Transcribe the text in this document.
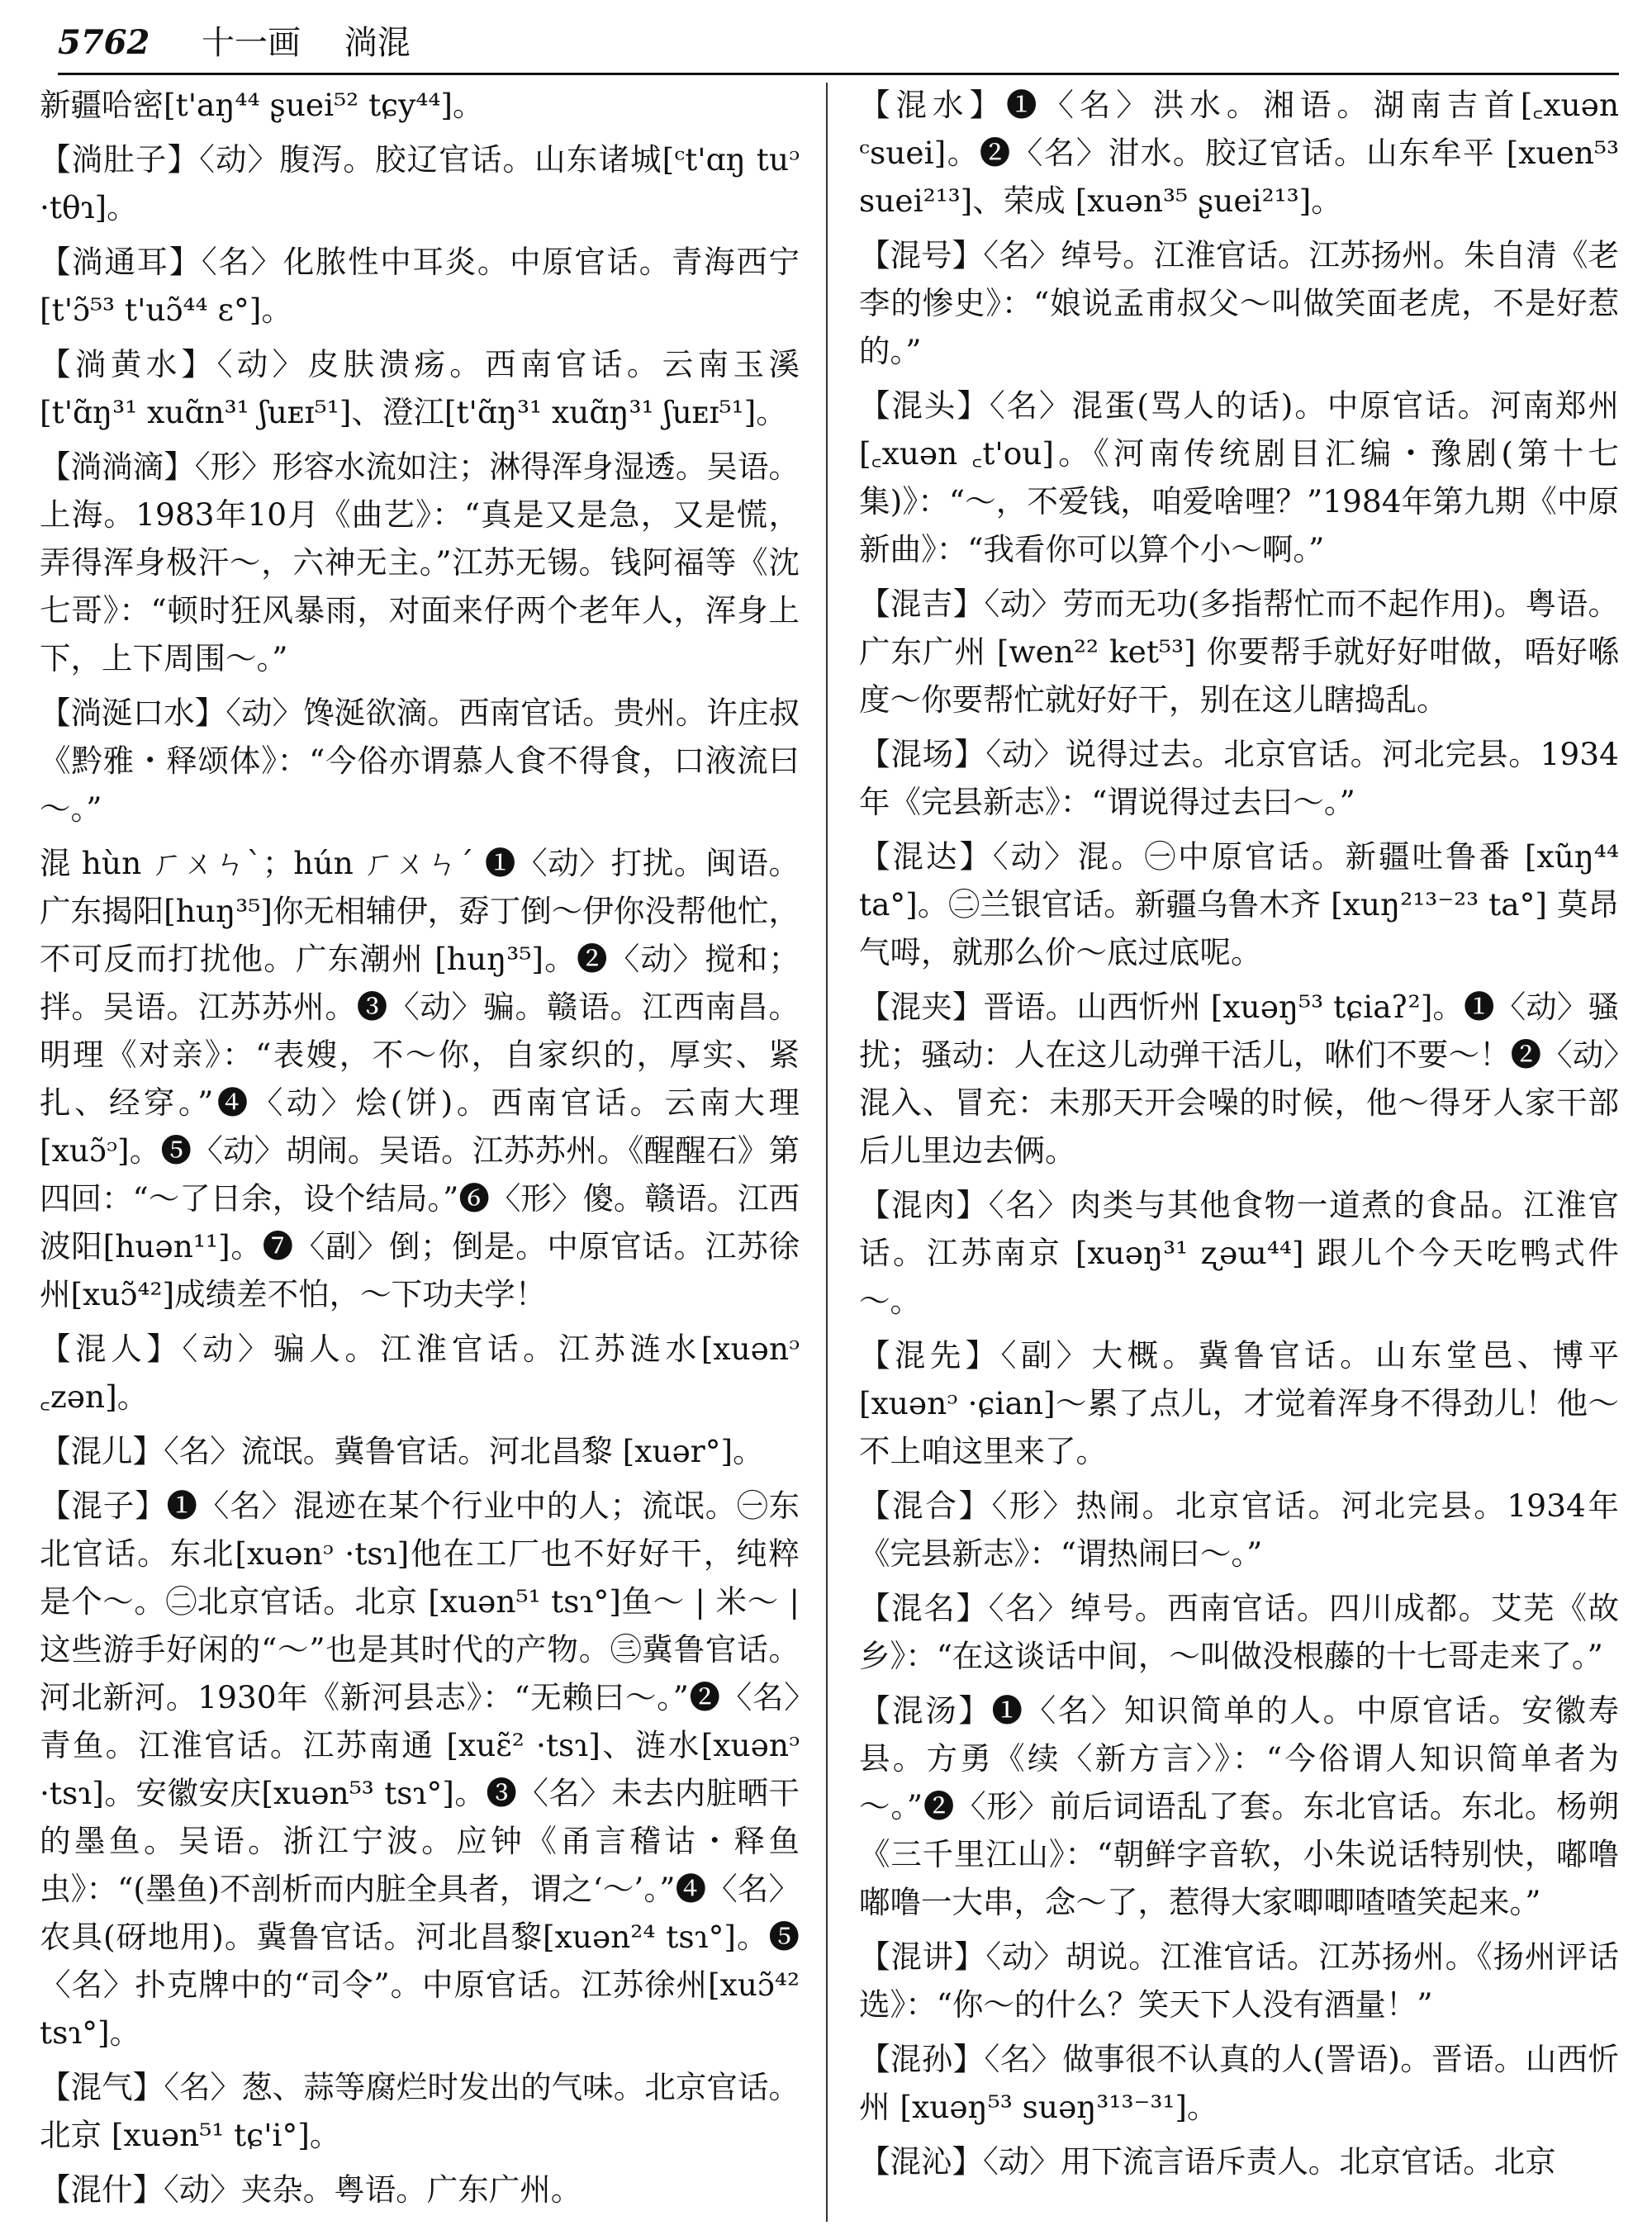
5762 十一画 淌混

新疆哈密[t'aŋ⁴⁴ ʂuei⁵² tɕy⁴⁴]。

【淌肚子】〈动〉腹泻。胶辽官话。山东诸城[ᶜt'ɑŋ tuᵓ ·tθɿ]。

【淌通耳】〈名〉化脓性中耳炎。中原官话。青海西宁[t'ɔ̃⁵³ t'uɔ̃⁴⁴ ɛ°]。

【淌黄水】〈动〉皮肤溃疡。西南官话。云南玉溪[t'ɑ̃ŋ³¹ xuɑ̃n³¹ ʃuᴇɪ⁵¹]、澄江[t'ɑ̃ŋ³¹ xuɑ̃ŋ³¹ ʃuᴇɪ⁵¹]。

【淌淌滴】〈形〉形容水流如注；淋得浑身湿透。吴语。上海。1983年10月《曲艺》：“真是又是急，又是慌，弄得浑身极汗～，六神无主。”江苏无锡。钱阿福等《沈七哥》：“顿时狂风暴雨，对面来仔两个老年人，浑身上下，上下周围～。”

【淌涎口水】〈动〉馋涎欲滴。西南官话。贵州。许庄叔《黔雅・释颂体》：“今俗亦谓慕人食不得食，口液流曰～。”

混 hùn ㄏㄨㄣˋ；hún ㄏㄨㄣˊ ❶〈动〉打扰。闽语。广东揭阳[huŋ³⁵]你无相辅伊，孬丁倒～伊你没帮他忙，不可反而打扰他。广东潮州 [huŋ³⁵]。❷〈动〉搅和；拌。吴语。江苏苏州。❸〈动〉骗。赣语。江西南昌。明理《对亲》：“表嫂，不～你，自家织的，厚实、紧扎、经穿。”❹〈动〉烩(饼)。西南官话。云南大理 [xuɔ̃ᵓ]。❺〈动〉胡闹。吴语。江苏苏州。《醒醒石》第四回：“～了日余，设个结局。”❻〈形〉傻。赣语。江西波阳[huən¹¹]。❼〈副〉倒；倒是。中原官话。江苏徐州[xuɔ̃⁴²]成绩差不怕，～下功夫学！

【混人】〈动〉骗人。江淮官话。江苏涟水[xuənᵓ ꜀zən]。

【混儿】〈名〉流氓。冀鲁官话。河北昌黎 [xuər°]。

【混子】❶〈名〉混迹在某个行业中的人；流氓。㊀东北官话。东北[xuənᵓ ·tsɿ]他在工厂也不好好干，纯粹是个～。㊁北京官话。北京 [xuən⁵¹ tsɿ°]鱼～ | 米～ | 这些游手好闲的“～”也是其时代的产物。㊂冀鲁官话。河北新河。1930年《新河县志》：“无赖曰～。”❷〈名〉青鱼。江淮官话。江苏南通 [xuɛ̃² ·tsɿ]、涟水[xuənᵓ ·tsɿ]。安徽安庆[xuən⁵³ tsɿ°]。❸〈名〉未去内脏晒干的墨鱼。吴语。浙江宁波。应钟《甬言稽诂・释鱼虫》：“(墨鱼)不剖析而内脏全具者，谓之‘～’。”❹〈名〉农具(砑地用)。冀鲁官话。河北昌黎[xuən²⁴ tsɿ°]。❺〈名〉扑克牌中的“司令”。中原官话。江苏徐州[xuɔ̃⁴² tsɿ°]。

【混气】〈名〉葱、蒜等腐烂时发出的气味。北京官话。北京 [xuən⁵¹ tɕ'i°]。

【混什】〈动〉夹杂。粤语。广东广州。

【混水】❶〈名〉洪水。湘语。湖南吉首[꜀xuən ᶜsuei]。❷〈名〉泔水。胶辽官话。山东牟平 [xuen⁵³ suei²¹³]、荣成 [xuən³⁵ ʂuei²¹³]。

【混号】〈名〉绰号。江淮官话。江苏扬州。朱自清《老李的惨史》：“娘说孟甫叔父～叫做笑面老虎，不是好惹的。”

【混头】〈名〉混蛋(骂人的话)。中原官话。河南郑州[꜀xuən ꜀t'ou]。《河南传统剧目汇编・豫剧(第十七集)》：“～，不爱钱，咱爱啥哩？”1984年第九期《中原新曲》：“我看你可以算个小～啊。”

【混吉】〈动〉劳而无功(多指帮忙而不起作用)。粤语。广东广州 [wen²² ket⁵³] 你要帮手就好好咁做，唔好喺度～你要帮忙就好好干，别在这儿瞎捣乱。

【混场】〈动〉说得过去。北京官话。河北完县。1934年《完县新志》：“谓说得过去曰～。”

【混达】〈动〉混。㊀中原官话。新疆吐鲁番 [xũŋ⁴⁴ ta°]。㊁兰银官话。新疆乌鲁木齐 [xuŋ²¹³⁻²³ ta°] 莫昂气呣，就那么价～底过底呢。

【混夹】晋语。山西忻州 [xuəŋ⁵³ tɕiaʔ²]。❶〈动〉骚扰；骚动：人在这儿动弹干活儿，咻们不要～！❷〈动〉混入、冒充：未那天开会噪的时候，他～得牙人家干部后儿里边去俩。

【混肉】〈名〉肉类与其他食物一道煮的食品。江淮官话。江苏南京 [xuəŋ³¹ ʐəɯ⁴⁴] 跟儿个今天吃鸭式件～。

【混先】〈副〉大概。冀鲁官话。山东堂邑、博平 [xuənᵓ ·ɕian]～累了点儿，才觉着浑身不得劲儿！他～不上咱这里来了。

【混合】〈形〉热闹。北京官话。河北完县。1934年《完县新志》：“谓热闹曰～。”

【混名】〈名〉绰号。西南官话。四川成都。艾芜《故乡》：“在这谈话中间，～叫做没根藤的十七哥走来了。”

【混汤】❶〈名〉知识简单的人。中原官话。安徽寿县。方勇《续〈新方言〉》：“今俗谓人知识简单者为～。”❷〈形〉前后词语乱了套。东北官话。东北。杨朔《三千里江山》：“朝鲜字音软，小朱说话特别快，嘟噜嘟噜一大串，念～了，惹得大家唧唧喳喳笑起来。”

【混讲】〈动〉胡说。江淮官话。江苏扬州。《扬州评话选》：“你～的什么？笑天下人没有酒量！”

【混孙】〈名〉做事很不认真的人(詈语)。晋语。山西忻州 [xuəŋ⁵³ suəŋ³¹³⁻³¹]。

【混沁】〈动〉用下流言语斥责人。北京官话。北京
